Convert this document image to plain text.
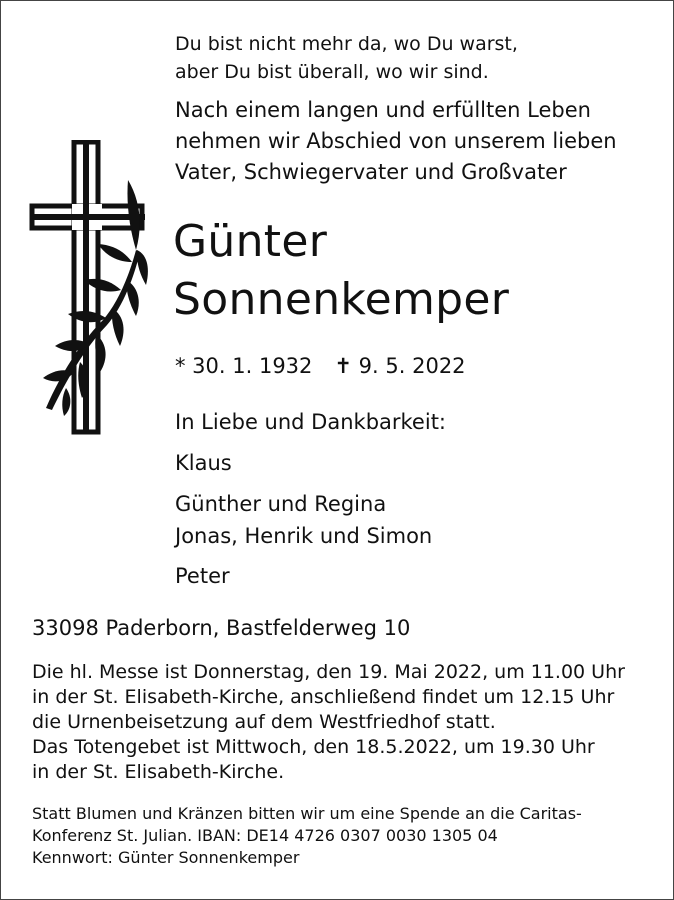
Du bist nicht mehr da, wo Du warst,
aber Du bist überall, wo wir sind.
Nach einem langen und erfüllten Leben
nehmen wir Abschied von unserem lieben
Vater, Schwiegervater und Großvater
Günter
Sonnenkemper
* 30. 1. 1932 ✝ 9. 5. 2022
In Liebe und Dankbarkeit:
Klaus
Günther und Regina
Jonas, Henrik und Simon
Peter
33098 Paderborn, Bastfelderweg 10
Die hl. Messe ist Donnerstag, den 19. Mai 2022, um 11.00 Uhr
in der St. Elisabeth-Kirche, anschließend findet um 12.15 Uhr
die Urnenbeisetzung auf dem Westfriedhof statt.
Das Totengebet ist Mittwoch, den 18.5.2022, um 19.30 Uhr
in der St. Elisabeth-Kirche.
Statt Blumen und Kränzen bitten wir um eine Spende an die Caritas-
Konferenz St. Julian. IBAN: DE14 4726 0307 0030 1305 04
Kennwort: Günter Sonnenkemper
